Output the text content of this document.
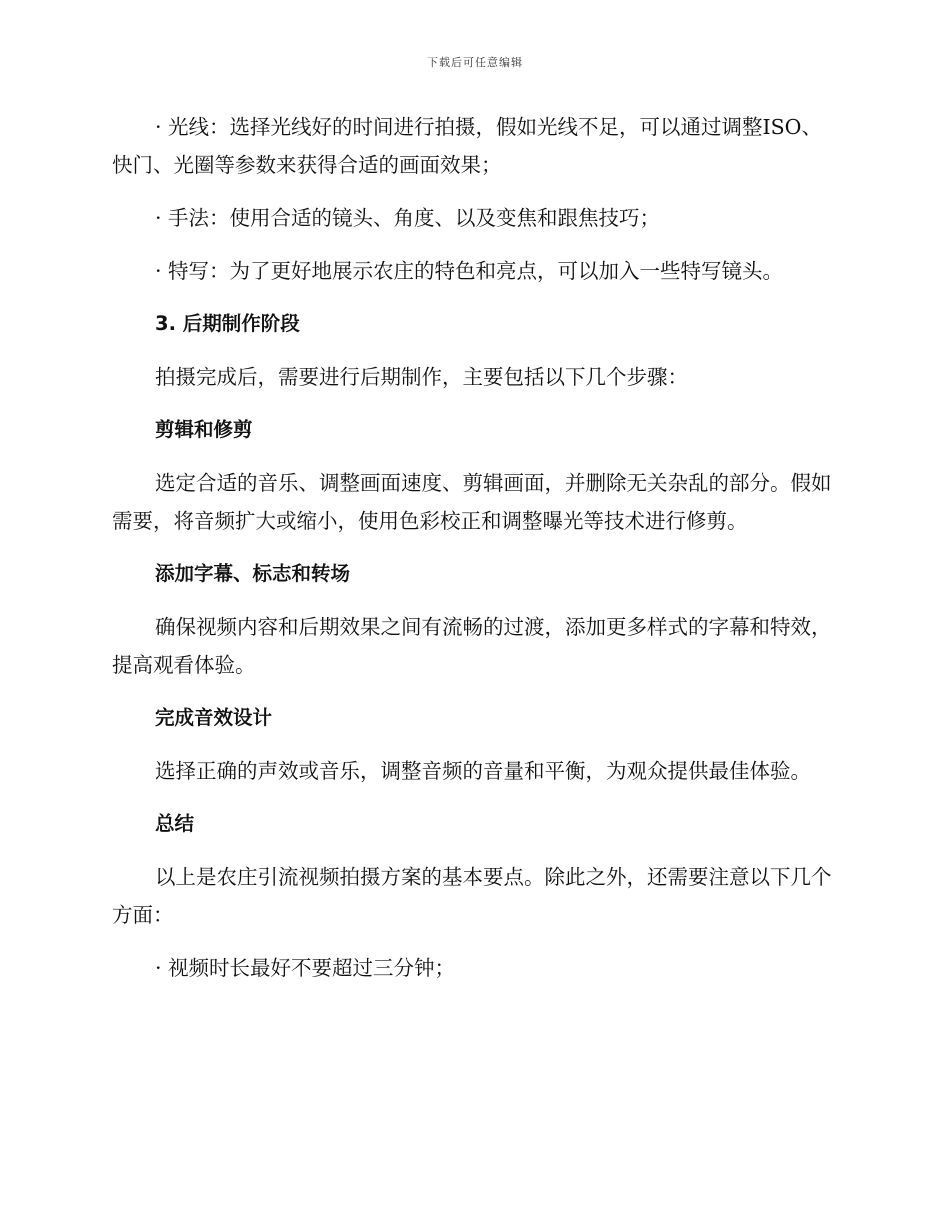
下载后可任意编辑

· 光线：选择光线好的时间进行拍摄，假如光线不足，可以通过调整ISO、快门、光圈等参数来获得合适的画面效果；

· 手法：使用合适的镜头、角度、以及变焦和跟焦技巧；

· 特写：为了更好地展示农庄的特色和亮点，可以加入一些特写镜头。

3. 后期制作阶段

拍摄完成后，需要进行后期制作，主要包括以下几个步骤：

剪辑和修剪

选定合适的音乐、调整画面速度、剪辑画面，并删除无关杂乱的部分。假如需要，将音频扩大或缩小，使用色彩校正和调整曝光等技术进行修剪。

添加字幕、标志和转场

确保视频内容和后期效果之间有流畅的过渡，添加更多样式的字幕和特效，提高观看体验。

完成音效设计

选择正确的声效或音乐，调整音频的音量和平衡，为观众提供最佳体验。

总结

以上是农庄引流视频拍摄方案的基本要点。除此之外，还需要注意以下几个方面：

· 视频时长最好不要超过三分钟；
